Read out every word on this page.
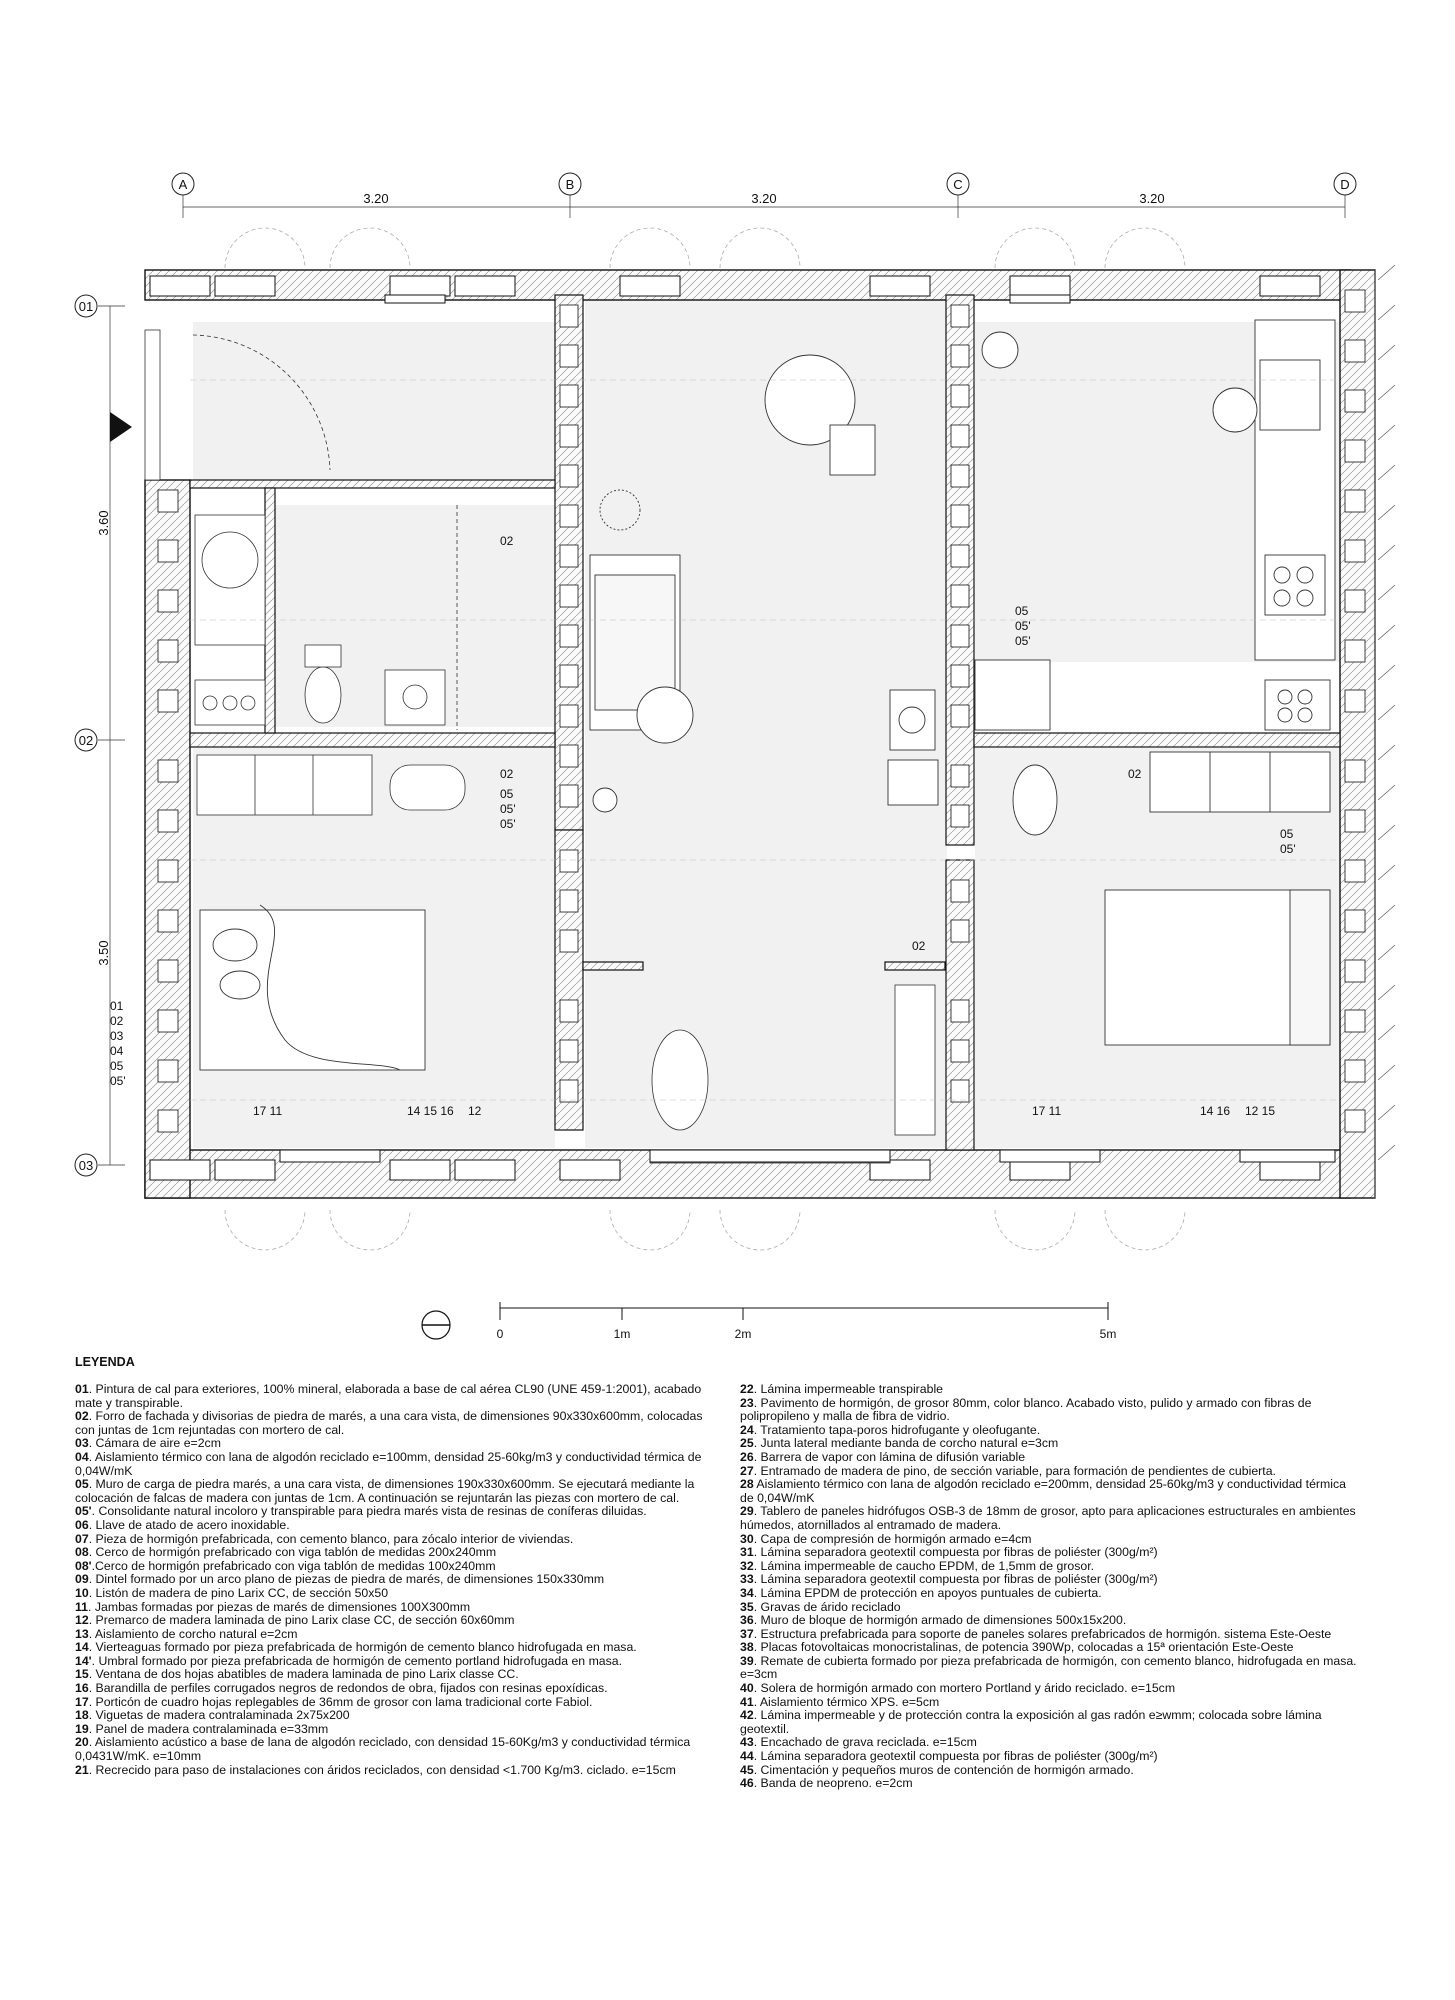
A	B	C	D
01
02
03
3.20	3.20	3.20
3.60
3.50
02
02
05
05'
05'
05
05'
05'
02
05
05'
02
01
02
03
04
05
05'
17 11	14 15 16 12	17 11	14 16 12 15
0	1m	2m	5m
LEYENDA

01. Pintura de cal para exteriores, 100% mineral, elaborada a base de cal aérea CL90 (UNE 459-1:2001), acabado mate y transpirable.

02. Forro de fachada y divisorias de piedra de marés, a una cara vista, de dimensiones 90x330x600mm, colocadas con juntas de 1cm rejuntadas con mortero de cal.

03. Cámara de aire e=2cm

04. Aislamiento térmico con lana de algodón reciclado e=100mm, densidad 25-60kg/m3 y conductividad térmica de 0,04W/mK

05. Muro de carga de piedra marés, a una cara vista, de dimensiones 190x330x600mm. Se ejecutará mediante la colocación de falcas de madera con juntas de 1cm. A continuación se rejuntarán las piezas con mortero de cal.

05'. Consolidante natural incoloro y transpirable para piedra marés vista de resinas de coníferas diluidas.

06. Llave de atado de acero inoxidable.

07. Pieza de hormigón prefabricada, con cemento blanco, para zócalo interior de viviendas.

08. Cerco de hormigón prefabricado con viga tablón de medidas 200x240mm

08'.Cerco de hormigón prefabricado con viga tablón de medidas 100x240mm

09. Dintel formado por un arco plano de piezas de piedra de marés, de dimensiones 150x330mm

10. Listón de madera de pino Larix CC, de sección 50x50

11. Jambas formadas por piezas de marés de dimensiones 100X300mm

12. Premarco de madera laminada de pino Larix clase CC, de sección 60x60mm

13. Aislamiento de corcho natural e=2cm

14. Vierteaguas formado por pieza prefabricada de hormigón de cemento blanco hidrofugada en masa.

14'. Umbral formado por pieza prefabricada de hormigón de cemento portland hidrofugada en masa.

15. Ventana de dos hojas abatibles de madera laminada de pino Larix classe CC.

16. Barandilla de perfiles corrugados negros de redondos de obra, fijados con resinas epoxídicas.

17. Porticón de cuadro hojas replegables de 36mm de grosor con lama tradicional corte Fabiol.

18. Viguetas de madera contralaminada 2x75x200

19. Panel de madera contralaminada e=33mm

20. Aislamiento acústico a base de lana de algodón reciclado, con densidad 15-60Kg/m3 y conductividad térmica 0,0431W/mK. e=10mm

21. Recrecido para paso de instalaciones con áridos reciclados, con densidad <1.700 Kg/m3. ciclado. e=15cm

22. Lámina impermeable transpirable

23. Pavimento de hormigón, de grosor 80mm, color blanco. Acabado visto, pulido y armado con fibras de polipropileno y malla de fibra de vidrio.

24. Tratamiento tapa-poros hidrofugante y oleofugante.

25. Junta lateral mediante banda de corcho natural e=3cm

26. Barrera de vapor con lámina de difusión variable

27. Entramado de madera de pino, de sección variable, para formación de pendientes de cubierta.

28 Aislamiento térmico con lana de algodón reciclado e=200mm, densidad 25-60kg/m3 y conductividad térmica de 0,04W/mK

29. Tablero de paneles hidrófugos OSB-3 de 18mm de grosor, apto para aplicaciones estructurales en ambientes húmedos, atornillados al entramado de madera.

30. Capa de compresión de hormigón armado e=4cm

31. Lámina separadora geotextil compuesta por fibras de poliéster (300g/m²)

32. Lámina impermeable de caucho EPDM, de 1,5mm de grosor.

33. Lámina separadora geotextil compuesta por fibras de poliéster (300g/m²)

34. Lámina EPDM de protección en apoyos puntuales de cubierta.

35. Gravas de árido reciclado

36. Muro de bloque de hormigón armado de dimensiones 500x15x200.

37. Estructura prefabricada para soporte de paneles solares prefabricados de hormigón. sistema Este-Oeste

38. Placas fotovoltaicas monocristalinas, de potencia 390Wp, colocadas a 15ª orientación Este-Oeste

39. Remate de cubierta formado por pieza prefabricada de hormigón, con cemento blanco, hidrofugada en masa. e=3cm

40. Solera de hormigón armado con mortero Portland y árido reciclado. e=15cm

41. Aislamiento térmico XPS. e=5cm

42. Lámina impermeable y de protección contra la exposición al gas radón e≥wmm; colocada sobre lámina geotextil.

43. Encachado de grava reciclada. e=15cm

44. Lámina separadora geotextil compuesta por fibras de poliéster (300g/m²)

45. Cimentación y pequeños muros de contención de hormigón armado.

46. Banda de neopreno. e=2cm
